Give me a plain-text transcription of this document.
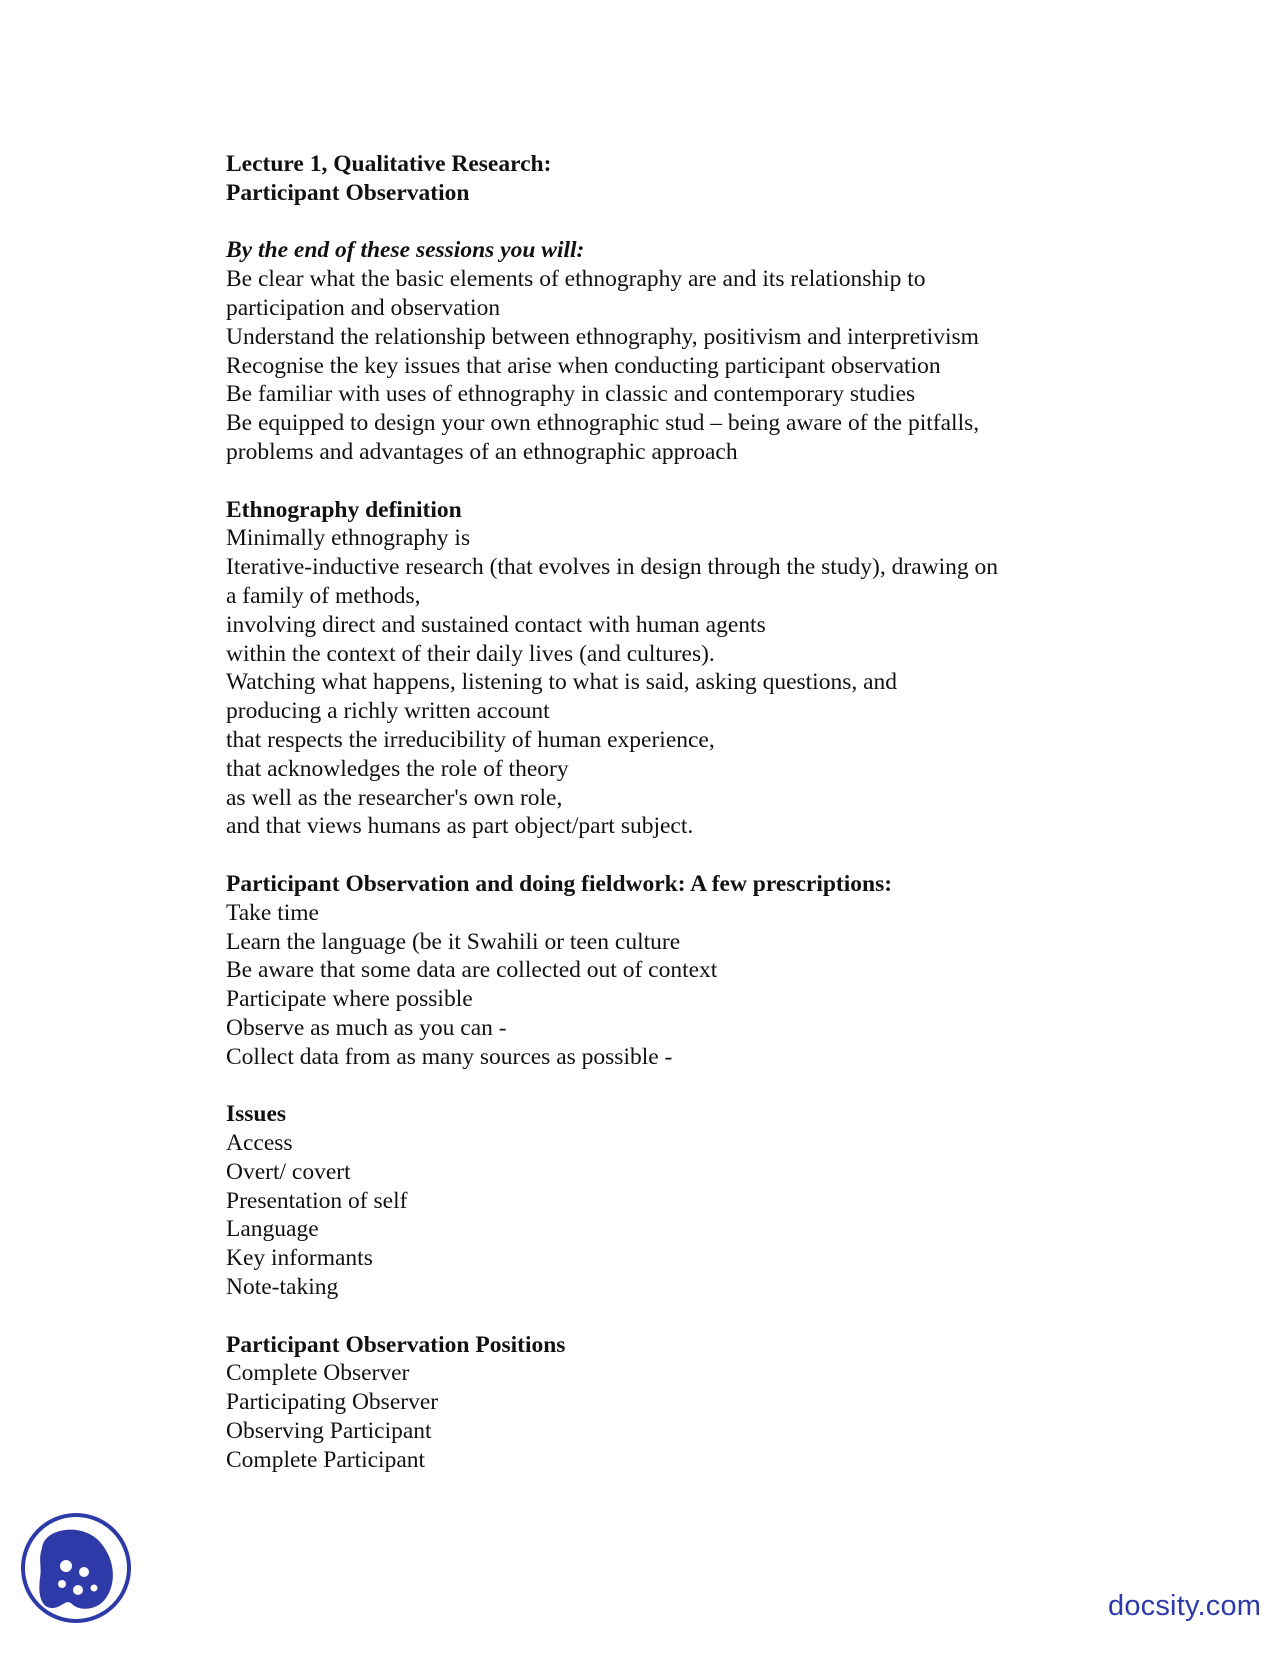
Lecture 1, Qualitative Research:
Participant Observation
By the end of these sessions you will:
Be clear what the basic elements of ethnography are and its relationship to
participation and observation
Understand the relationship between ethnography, positivism and interpretivism
Recognise the key issues that arise when conducting participant observation
Be familiar with uses of ethnography in classic and contemporary studies
Be equipped to design your own ethnographic stud – being aware of the pitfalls,
problems and advantages of an ethnographic approach
Ethnography definition
Minimally ethnography is
Iterative-inductive research (that evolves in design through the study), drawing on
a family of methods,
involving direct and sustained contact with human agents
within the context of their daily lives (and cultures).
Watching what happens, listening to what is said, asking questions, and
producing a richly written account
that respects the irreducibility of human experience,
that acknowledges the role of theory
as well as the researcher's own role,
and that views humans as part object/part subject.
Participant Observation and doing fieldwork: A few prescriptions:
Take time
Learn the language (be it Swahili or teen culture
Be aware that some data are collected out of context
Participate where possible
Observe as much as you can -
Collect data from as many sources as possible -
Issues
Access
Overt/ covert
Presentation of self
Language
Key informants
Note-taking
Participant Observation Positions
Complete Observer
Participating Observer
Observing Participant
Complete Participant
docsity.com
